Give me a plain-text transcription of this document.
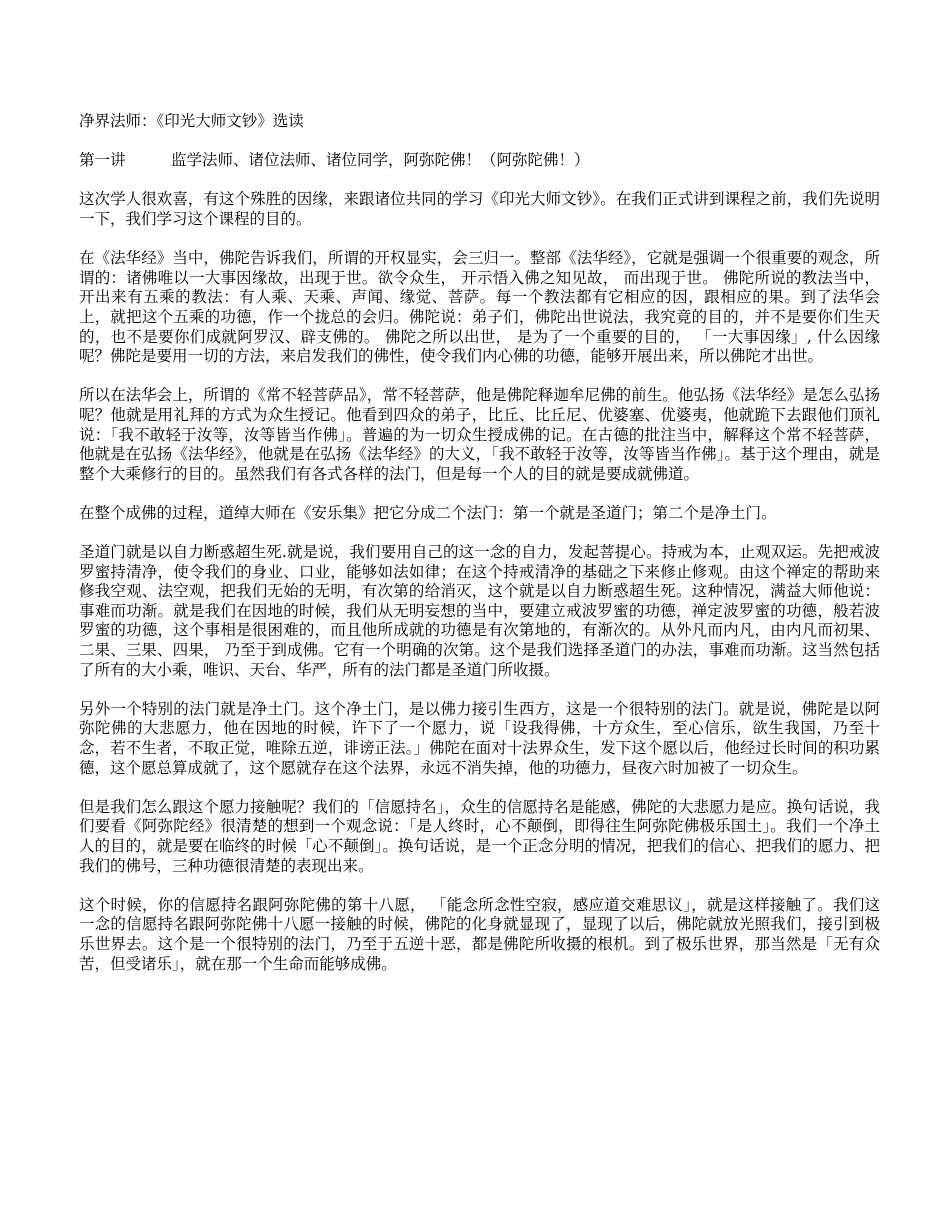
净界法师：《印光大师文钞》选读
第一讲	监学法师、诸位法师、诸位同学，阿弥陀佛！（阿弥陀佛！）

这次学人很欢喜，有这个殊胜的因缘，来跟诸位共同的学习《印光大师文钞》。在我们正式讲到课程之前，我们先说明一下，我们学习这个课程的目的。

在《法华经》当中，佛陀告诉我们，所谓的开权显实，会三归一。整部《法华经》，它就是强调一个很重要的观念，所谓的：诸佛唯以一大事因缘故，出现于世。欲令众生， 开示悟入佛之知见故， 而出现于世。 佛陀所说的教法当中，开出来有五乘的教法：有人乘、天乘、声闻、缘觉、菩萨。每一个教法都有它相应的因，跟相应的果。到了法华会上，就把这个五乘的功德，作一个拢总的会归。佛陀说：弟子们，佛陀出世说法，我究竟的目的，并不是要你们生天的，也不是要你们成就阿罗汉、辟支佛的。 佛陀之所以出世， 是为了一个重要的目的， 「一大事因缘」, 什么因缘呢？佛陀是要用一切的方法，来启发我们的佛性，使令我们内心佛的功德，能够开展出来，所以佛陀才出世。

所以在法华会上，所谓的《常不轻菩萨品》，常不轻菩萨，他是佛陀释迦牟尼佛的前生。他弘扬《法华经》是怎么弘扬呢？他就是用礼拜的方式为众生授记。他看到四众的弟子，比丘、比丘尼、优婆塞、优婆夷，他就跪下去跟他们顶礼说：「我不敢轻于汝等，汝等皆当作佛」。普遍的为一切众生授成佛的记。在古德的批注当中，解释这个常不轻菩萨，他就是在弘扬《法华经》，他就是在弘扬《法华经》的大义，「我不敢轻于汝等，汝等皆当作佛」。基于这个理由，就是整个大乘修行的目的。虽然我们有各式各样的法门，但是每一个人的目的就是要成就佛道。

在整个成佛的过程，道绰大师在《安乐集》把它分成二个法门：第一个就是圣道门；第二个是净土门。

圣道门就是以自力断惑超生死.就是说，我们要用自己的这一念的自力，发起菩提心。持戒为本，止观双运。先把戒波罗蜜持清净，使令我们的身业、口业，能够如法如律；在这个持戒清净的基础之下来修止修观。由这个禅定的帮助来修我空观、法空观，把我们无始的无明，有次第的给消灭，这个就是以自力断惑超生死。这种情况，满益大师他说：事难而功渐。就是我们在因地的时候，我们从无明妄想的当中，要建立戒波罗蜜的功德，禅定波罗蜜的功德，般若波罗蜜的功德，这个事相是很困难的，而且他所成就的功德是有次第地的，有渐次的。从外凡而内凡，由内凡而初果、二果、三果、四果， 乃至于到成佛。它有一个明确的次第。这个是我们选择圣道门的办法，事难而功渐。这当然包括了所有的大小乘，唯识、天台、华严，所有的法门都是圣道门所收摄。

另外一个特别的法门就是净土门。这个净土门，是以佛力接引生西方，这是一个很特别的法门。就是说，佛陀是以阿弥陀佛的大悲愿力，他在因地的时候，许下了一个愿力，说「设我得佛，十方众生，至心信乐，欲生我国，乃至十念，若不生者，不取正觉，唯除五逆，诽谤正法。」佛陀在面对十法界众生，发下这个愿以后，他经过长时间的积功累德，这个愿总算成就了，这个愿就存在这个法界，永远不消失掉，他的功德力，昼夜六时加被了一切众生。

但是我们怎么跟这个愿力接触呢？我们的「信愿持名」，众生的信愿持名是能感，佛陀的大悲愿力是应。换句话说，我们要看《阿弥陀经》很清楚的想到一个观念说：「是人终时，心不颠倒，即得往生阿弥陀佛极乐国土」。我们一个净土人的目的，就是要在临终的时候「心不颠倒」。换句话说，是一个正念分明的情况，把我们的信心、把我们的愿力、把我们的佛号，三种功德很清楚的表现出来。

这个时候，你的信愿持名跟阿弥陀佛的第十八愿， 「能念所念性空寂，感应道交难思议」，就是这样接触了。我们这一念的信愿持名跟阿弥陀佛十八愿一接触的时候，佛陀的化身就显现了，显现了以后，佛陀就放光照我们，接引到极乐世界去。这个是一个很特别的法门，乃至于五逆十恶，都是佛陀所收摄的根机。到了极乐世界，那当然是「无有众苦，但受诸乐」，就在那一个生命而能够成佛。
